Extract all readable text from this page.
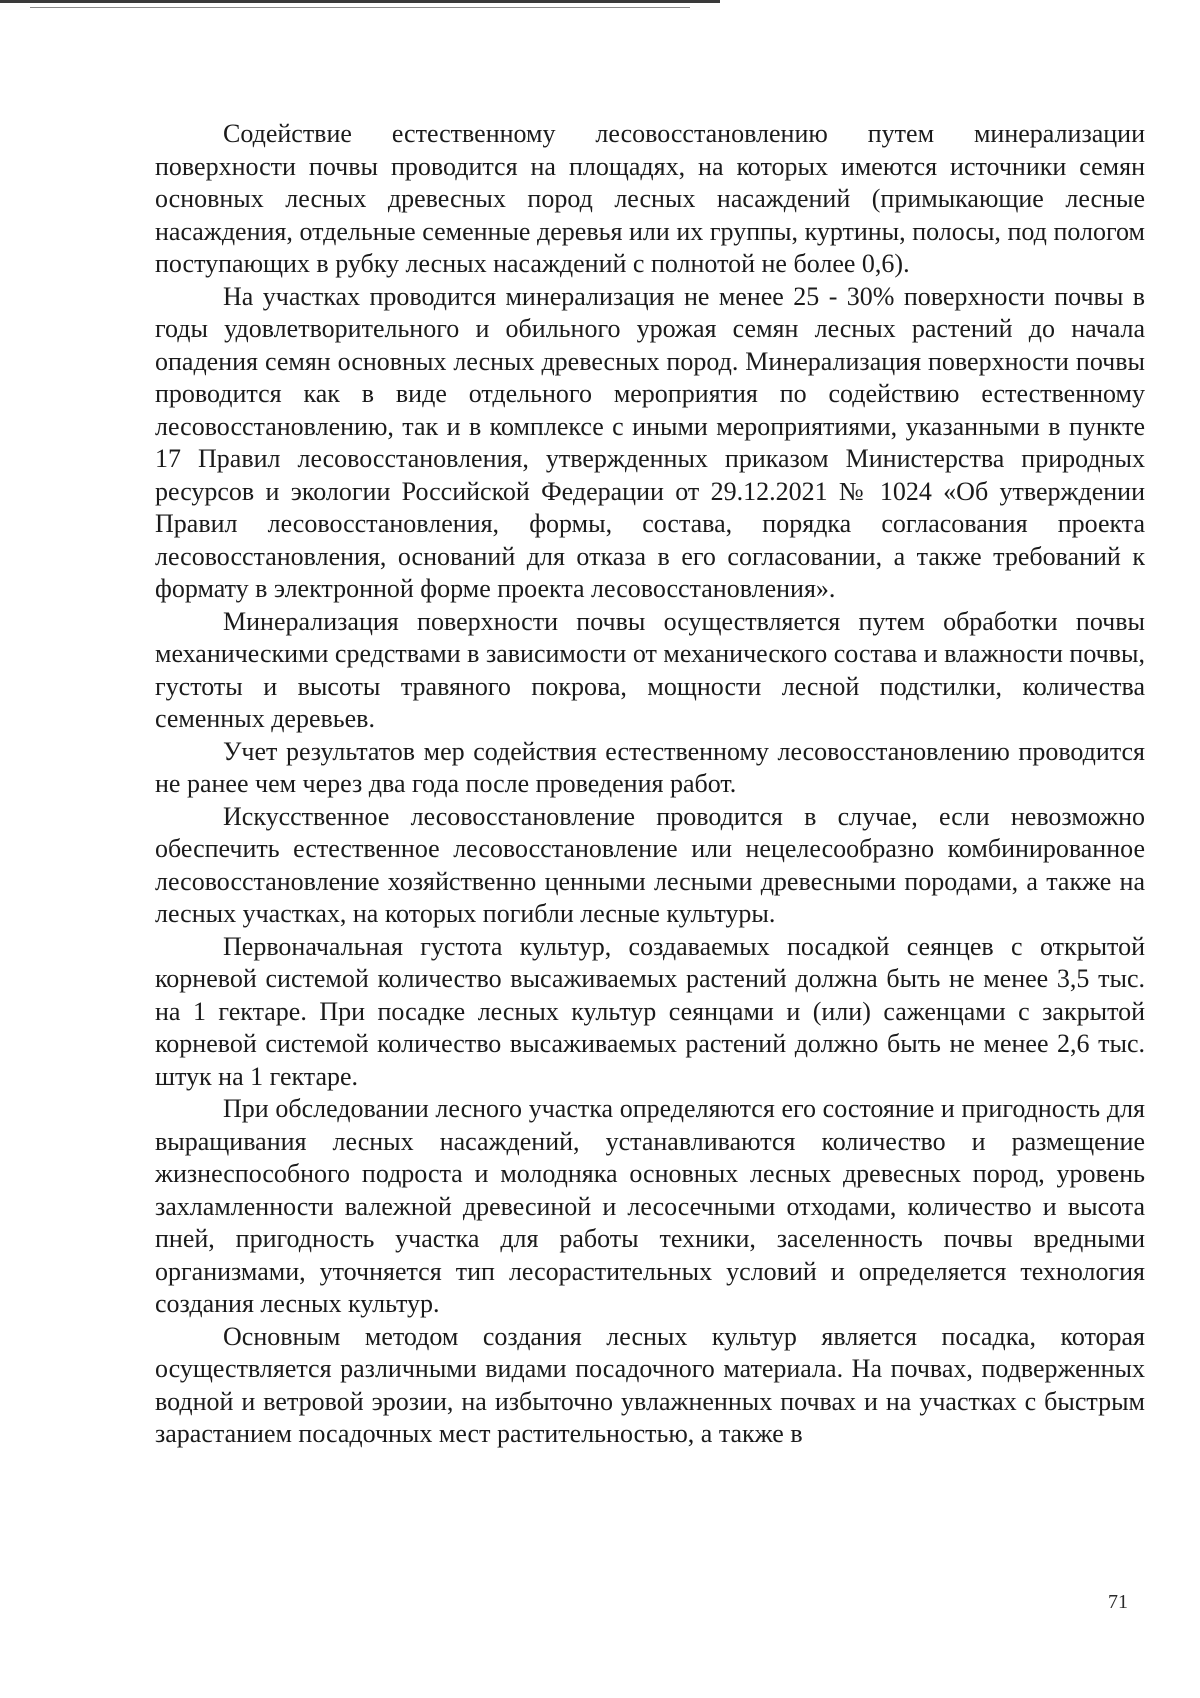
Содействие естественному лесовосстановлению путем минерализации поверхности почвы проводится на площадях, на которых имеются источники семян основных лесных древесных пород лесных насаждений (примыкающие лесные насаждения, отдельные семенные деревья или их группы, куртины, полосы, под пологом поступающих в рубку лесных насаждений с полнотой не более 0,6).

На участках проводится минерализация не менее 25 - 30% поверхности почвы в годы удовлетворительного и обильного урожая семян лесных растений до начала опадения семян основных лесных древесных пород. Минерализация поверхности почвы проводится как в виде отдельного мероприятия по содействию естественному лесовосстановлению, так и в комплексе с иными мероприятиями, указанными в пункте 17 Правил лесовосстановления, утвержденных приказом Министерства природных ресурсов и экологии Российской Федерации от 29.12.2021 № 1024 «Об утверждении Правил лесовосстановления, формы, состава, порядка согласования проекта лесовосстановления, оснований для отказа в его согласовании, а также требований к формату в электронной форме проекта лесовосстановления».

Минерализация поверхности почвы осуществляется путем обработки почвы механическими средствами в зависимости от механического состава и влажности почвы, густоты и высоты травяного покрова, мощности лесной подстилки, количества семенных деревьев.

Учет результатов мер содействия естественному лесовосстановлению проводится не ранее чем через два года после проведения работ.

Искусственное лесовосстановление проводится в случае, если невозможно обеспечить естественное лесовосстановление или нецелесообразно комбинированное лесовосстановление хозяйственно ценными лесными древесными породами, а также на лесных участках, на которых погибли лесные культуры.

Первоначальная густота культур, создаваемых посадкой сеянцев с открытой корневой системой количество высаживаемых растений должна быть не менее 3,5 тыс. на 1 гектаре. При посадке лесных культур сеянцами и (или) саженцами с закрытой корневой системой количество высаживаемых растений должно быть не менее 2,6 тыс. штук на 1 гектаре.

При обследовании лесного участка определяются его состояние и пригодность для выращивания лесных насаждений, устанавливаются количество и размещение жизнеспособного подроста и молодняка основных лесных древесных пород, уровень захламленности валежной древесиной и лесосечными отходами, количество и высота пней, пригодность участка для работы техники, заселенность почвы вредными организмами, уточняется тип лесорастительных условий и определяется технология создания лесных культур.

Основным методом создания лесных культур является посадка, которая осуществляется различными видами посадочного материала. На почвах, подверженных водной и ветровой эрозии, на избыточно увлажненных почвах и на участках с быстрым зарастанием посадочных мест растительностью, а также в

71
